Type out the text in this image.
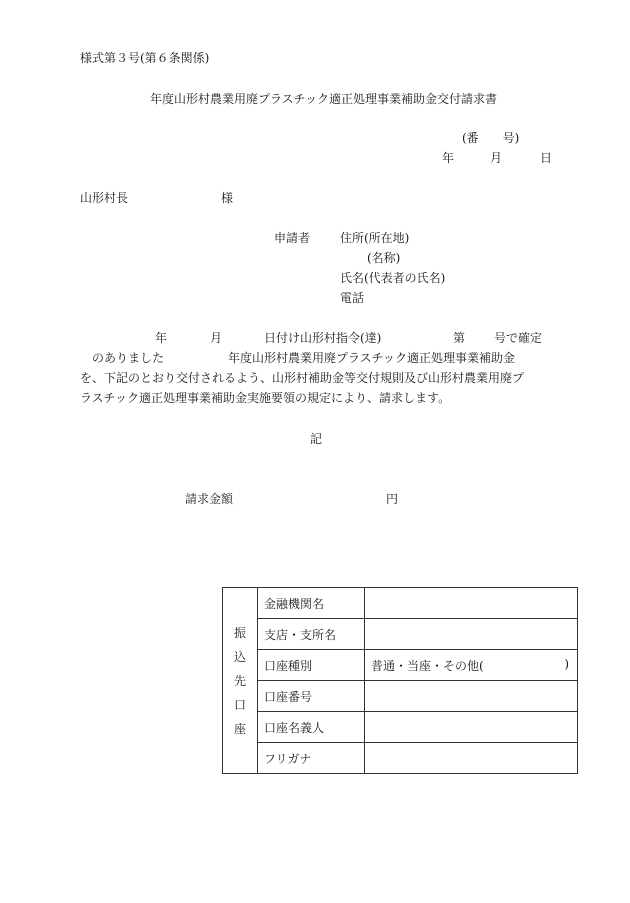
様式第３号(第６条関係)
年度山形村農業用廃プラスチック適正処理事業補助金交付請求書
(番　　号)
年	月	日
山形村長	様
申請者 住所(所在地)
(名称)
氏名(代表者の氏名)
電話
年	月	日付け山形村指令(達)	第 号で確定
のありました	年度山形村農業用廃プラスチック適正処理事業補助金
を、下記のとおり交付されるよう、山形村補助金等交付規則及び山形村農業用廃プ
ラスチック適正処理事業補助金実施要領の規定により、請求します。
記
請求金額	円
振
込
先
口
座	金融機関名	
	支店・支所名	
	口座種別	普通・当座・その他( )

	口座番号	
	口座名義人	
	フリガナ	
